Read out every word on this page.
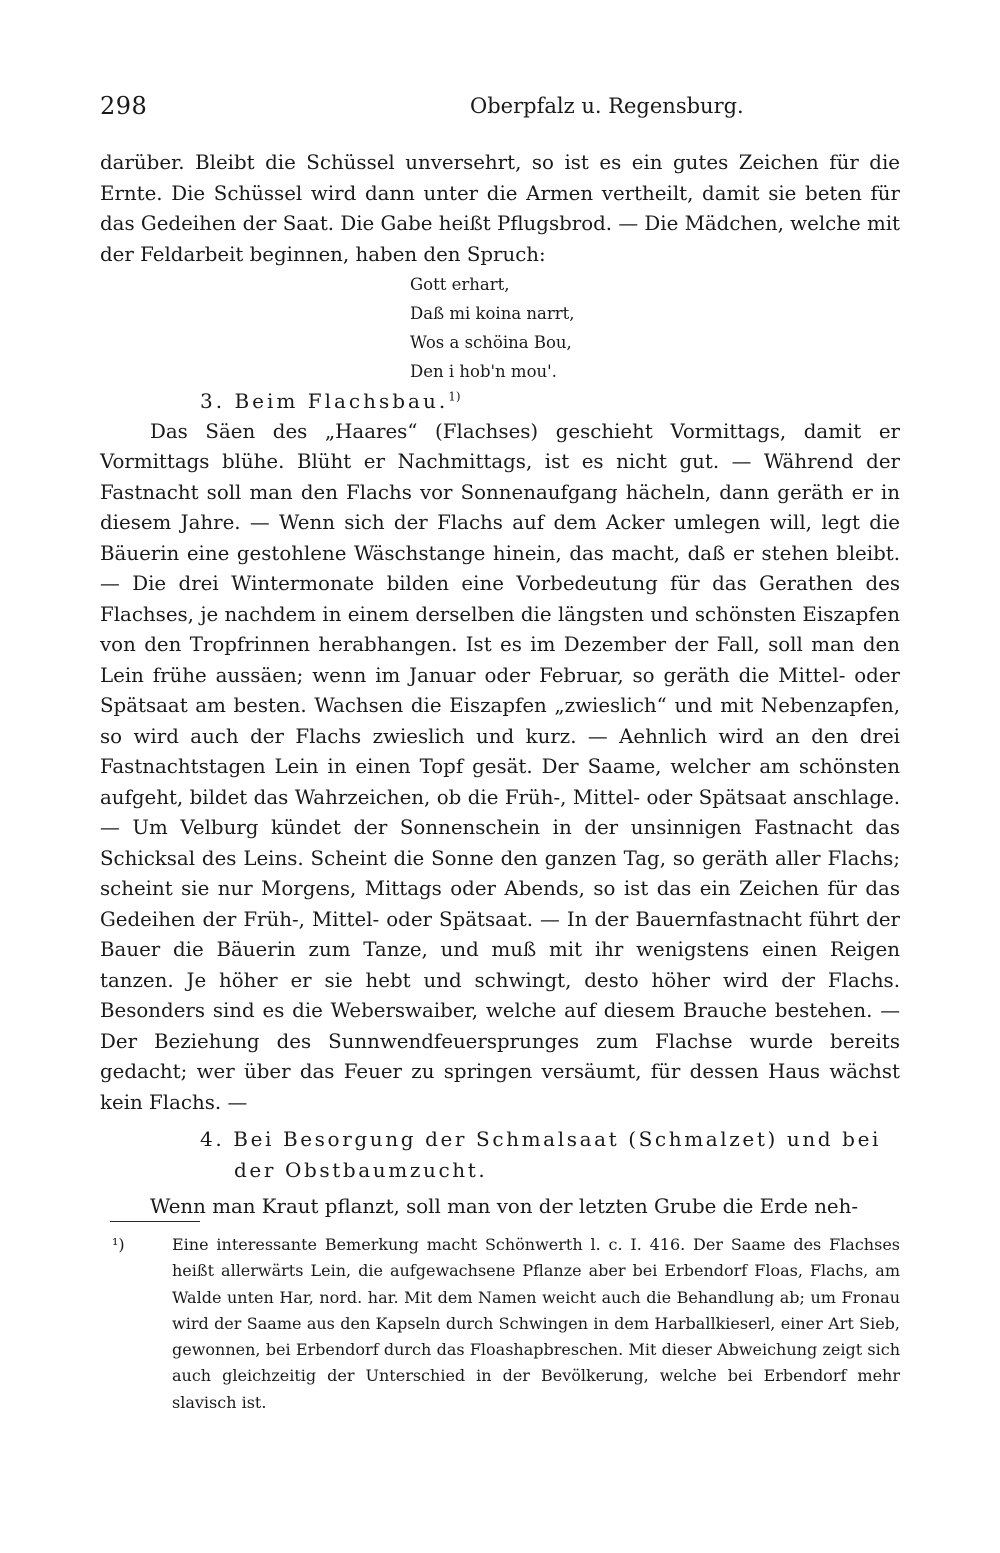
298	Oberpfalz u. Regensburg.

darüber. Bleibt die Schüssel unversehrt, so ist es ein gutes Zeichen für die Ernte. Die Schüssel wird dann unter die Armen vertheilt, damit sie beten für das Gedeihen der Saat. Die Gabe heißt Pflugsbrod. — Die Mädchen, welche mit der Feldarbeit beginnen, haben den Spruch:

Gott erhart,
Daß mi koina narrt,
Wos a schöina Bou,
Den i hob'n mou'.
3. Beim Flachsbau.$^{1)}$

Das Säen des „Haares“ (Flachses) geschieht Vormittags, damit er Vormittags blühe. Blüht er Nachmittags, ist es nicht gut. — Während der Fastnacht soll man den Flachs vor Sonnenaufgang hächeln, dann geräth er in diesem Jahre. — Wenn sich der Flachs auf dem Acker umlegen will, legt die Bäuerin eine gestohlene Wäschstange hinein, das macht, daß er stehen bleibt. — Die drei Wintermonate bilden eine Vorbedeutung für das Gerathen des Flachses, je nachdem in einem derselben die längsten und schönsten Eiszapfen von den Tropfrinnen herabhangen. Ist es im Dezember der Fall, soll man den Lein frühe aussäen; wenn im Januar oder Februar, so geräth die Mittel- oder Spätsaat am besten. Wachsen die Eiszapfen „zwieslich“ und mit Nebenzapfen, so wird auch der Flachs zwieslich und kurz. — Aehnlich wird an den drei Fastnachtstagen Lein in einen Topf gesät. Der Saame, welcher am schönsten aufgeht, bildet das Wahrzeichen, ob die Früh-, Mittel- oder Spätsaat anschlage. — Um Velburg kündet der Sonnenschein in der unsinnigen Fastnacht das Schicksal des Leins. Scheint die Sonne den ganzen Tag, so geräth aller Flachs; scheint sie nur Morgens, Mittags oder Abends, so ist das ein Zeichen für das Gedeihen der Früh-, Mittel- oder Spätsaat. — In der Bauernfastnacht führt der Bauer die Bäuerin zum Tanze, und muß mit ihr wenigstens einen Reigen tanzen. Je höher er sie hebt und schwingt, desto höher wird der Flachs. Besonders sind es die Weberswaiber, welche auf diesem Brauche bestehen. — Der Beziehung des Sunnwendfeuersprunges zum Flachse wurde bereits gedacht; wer über das Feuer zu springen versäumt, für dessen Haus wächst kein Flachs. —

4. Bei Besorgung der Schmalsaat (Schmalzet) und bei
der Obstbaumzucht.

Wenn man Kraut pflanzt, soll man von der letzten Grube die Erde neh-

¹)	Eine interessante Bemerkung macht Schönwerth l. c. I. 416. Der Saame des Flachses heißt allerwärts Lein, die aufgewachsene Pflanze aber bei Erbendorf Floas, Flachs, am Walde unten Har, nord. har. Mit dem Namen weicht auch die Behandlung ab; um Fronau wird der Saame aus den Kapseln durch Schwingen in dem Harballkieserl, einer Art Sieb, gewonnen, bei Erbendorf durch das Floashapbreschen. Mit dieser Abweichung zeigt sich auch gleichzeitig der Unterschied in der Bevölkerung, welche bei Erbendorf mehr slavisch ist.
